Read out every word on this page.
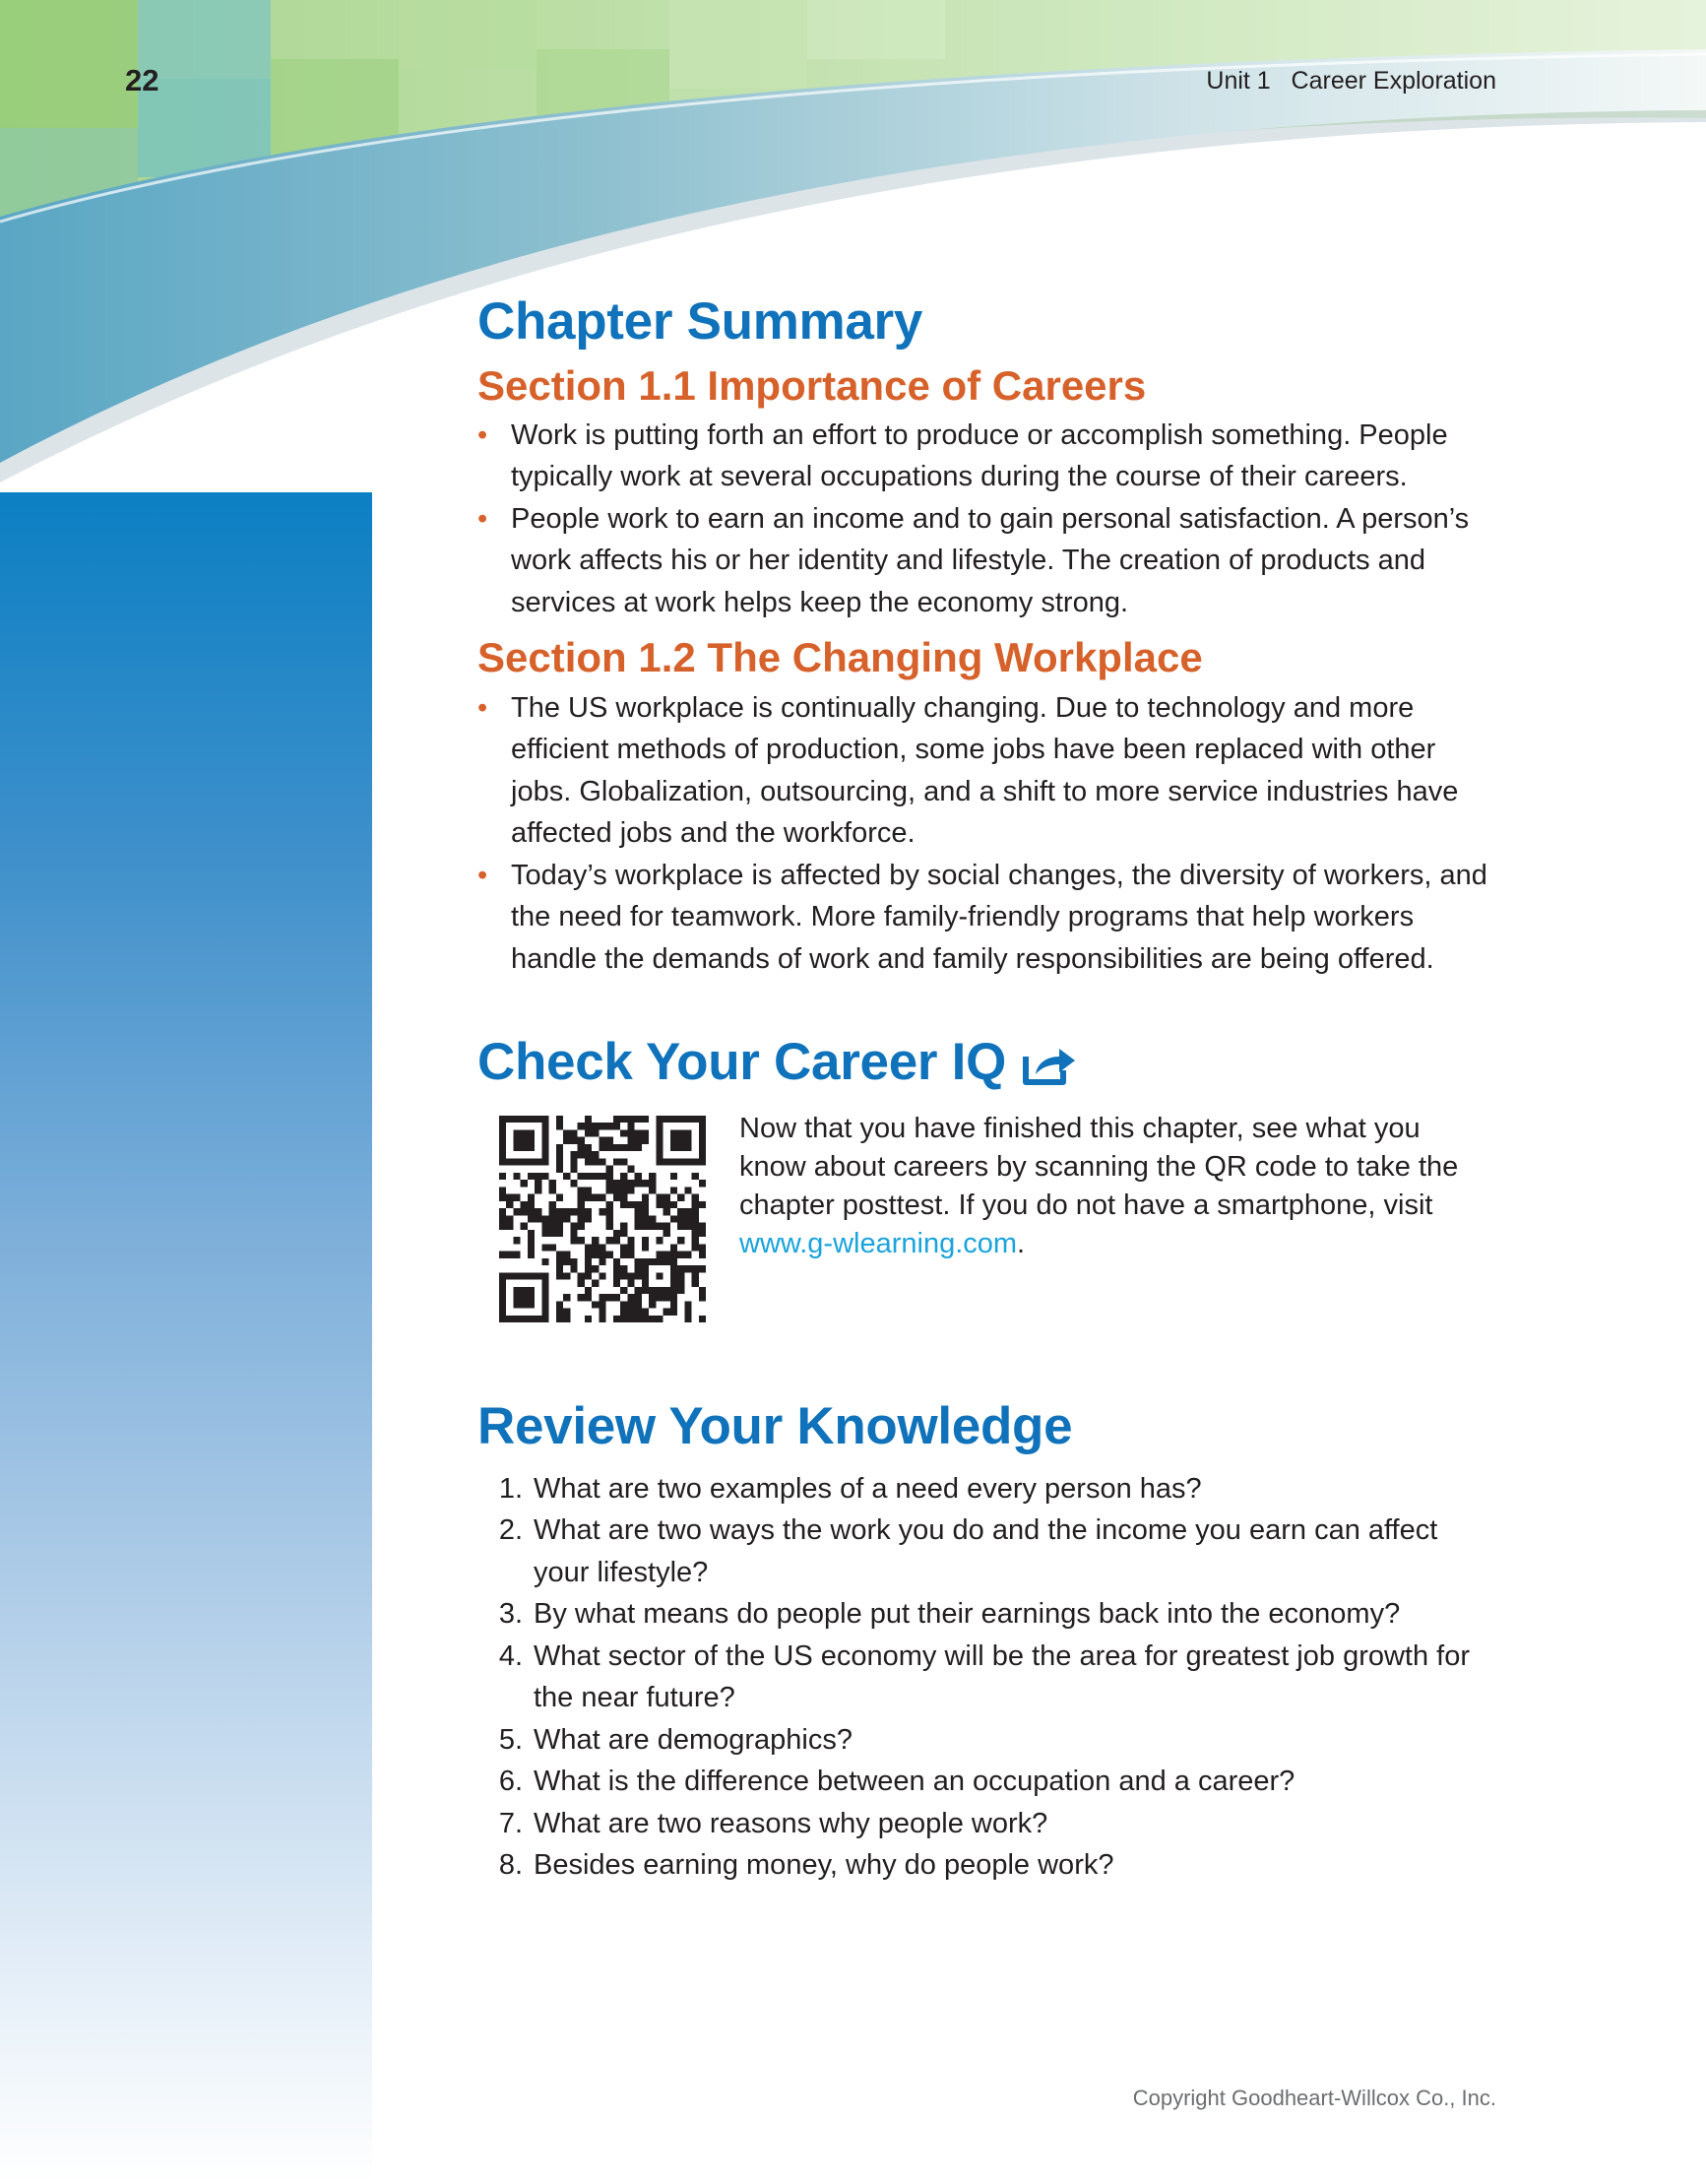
22	Unit 1   Career Exploration
Chapter Summary
Section 1.1 Importance of Careers
• Work is putting forth an effort to produce or accomplish something. People typically work at several occupations during the course of their careers.
• People work to earn an income and to gain personal satisfaction. A person’s work affects his or her identity and lifestyle. The creation of products and services at work helps keep the economy strong.
Section 1.2 The Changing Workplace
• The US workplace is continually changing. Due to technology and more efficient methods of production, some jobs have been replaced with other jobs. Globalization, outsourcing, and a shift to more service industries have affected jobs and the workforce.
• Today’s workplace is affected by social changes, the diversity of workers, and the need for teamwork. More family-friendly programs that help workers handle the demands of work and family responsibilities are being offered.
Check Your Career IQ
Now that you have finished this chapter, see what you know about careers by scanning the QR code to take the chapter posttest. If you do not have a smartphone, visit www.g-wlearning.com.
Review Your Knowledge
1. What are two examples of a need every person has?
2. What are two ways the work you do and the income you earn can affect your lifestyle?
3. By what means do people put their earnings back into the economy?
4. What sector of the US economy will be the area for greatest job growth for the near future?
5. What are demographics?
6. What is the difference between an occupation and a career?
7. What are two reasons why people work?
8. Besides earning money, why do people work?
Copyright Goodheart-Willcox Co., Inc.
